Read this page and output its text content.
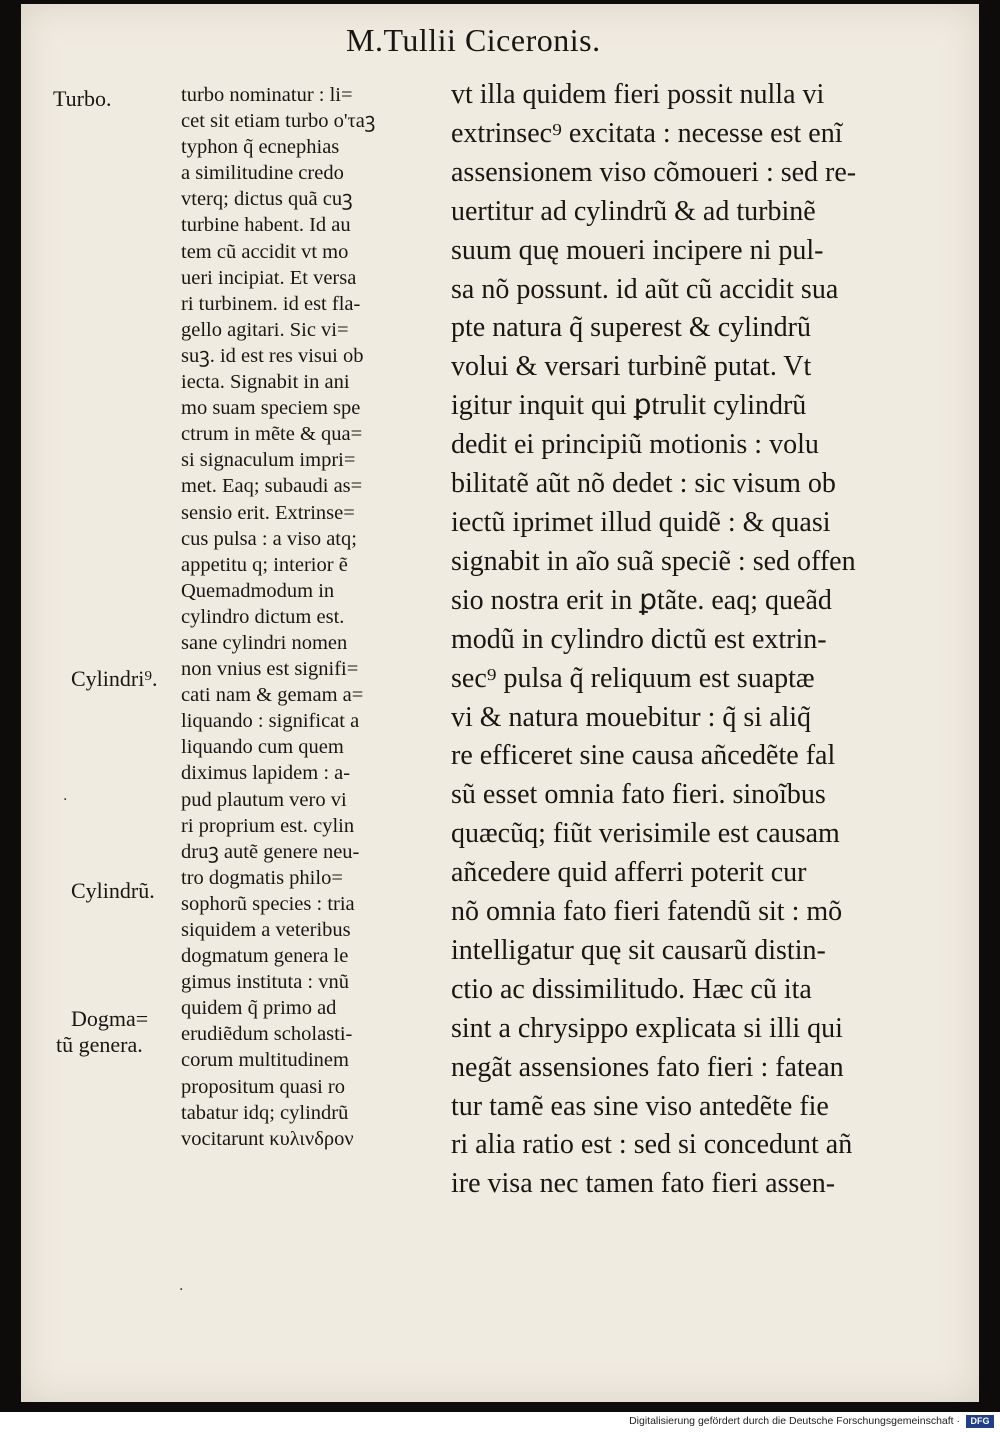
M.Tullii Ciceronis.
Turbo.
Cylindri⁹.
Cylindrũ.
Dogma=
tũ genera.
turbo nominatur : li=
cet sit etiam turbo ο'τaꝫ
typhon q̃ ecnephias
a similitudine credo
vterq; dictus quã cuꝫ
turbine habent. Id au
tem cũ accidit vt mo
ueri incipiat. Et versa
ri turbinem. id est fla-
gello agitari. Sic vi=
suꝫ. id est res visui ob
iecta. Signabit in ani
mo suam speciem spe
ctrum in mẽte & qua=
si signaculum impri=
met. Eaq; subaudi as=
sensio erit. Extrinse=
cus pulsa : a viso atq;
appetitu q; interior ẽ
Quemadmodum in
cylindro dictum est.
sane cylindri nomen
non vnius est signifi=
cati nam & gemam a=
liquando : significat a
liquando cum quem
diximus lapidem : a-
pud plautum vero vi
ri proprium est. cylin
druꝫ autẽ genere neu-
tro dogmatis philo=
sophorũ species : tria
siquidem a veteribus
dogmatum genera le
gimus instituta : vnũ
quidem q̃ primo ad
erudiẽdum scholasti-
corum multitudinem
propositum quasi ro
tabatur idq; cylindrũ
vocitarunt κυλινδρον
vt illa quidem fieri possit nulla vi
extrinsec⁹ excitata : necesse est enĩ
assensionem viso cõmoueri : sed re-
uertitur ad cylindrũ & ad turbinẽ
suum quę moueri incipere ni pul-
sa nõ possunt. id aũt cũ accidit sua
pte natura q̃ superest & cylindrũ
volui & versari turbinẽ putat. Vt
igitur inquit qui ꝑtrulit cylindrũ
dedit ei principiũ motionis : volu
bilitatẽ aũt nõ dedet : sic visum ob
iectũ iprimet illud quidẽ : & quasi
signabit in aĩo suã speciẽ : sed offen
sio nostra erit in ꝑtãte. eaq; queãd
modũ in cylindro dictũ est extrin-
sec⁹ pulsa q̃ reliquum est suaptæ
vi & natura mouebitur : q̃ si aliq̃
re efficeret sine causa añcedẽte fal
sũ esset omnia fato fieri. sinoĩbus
quæcũq; fiũt verisimile est causam
añcedere quid afferri poterit cur
nõ omnia fato fieri fatendũ sit : mõ
intelligatur quę sit causarũ distin-
ctio ac dissimilitudo. Hæc cũ ita
sint a chrysippo explicata si illi qui
negãt assensiones fato fieri : fatean
tur tamẽ eas sine viso antedẽte fie
ri alia ratio est : sed si concedunt añ
ire visa nec tamen fato fieri assen-
·
·
Digitalisierung gefördert durch die Deutsche Forschungsgemeinschaft ·	DFG
